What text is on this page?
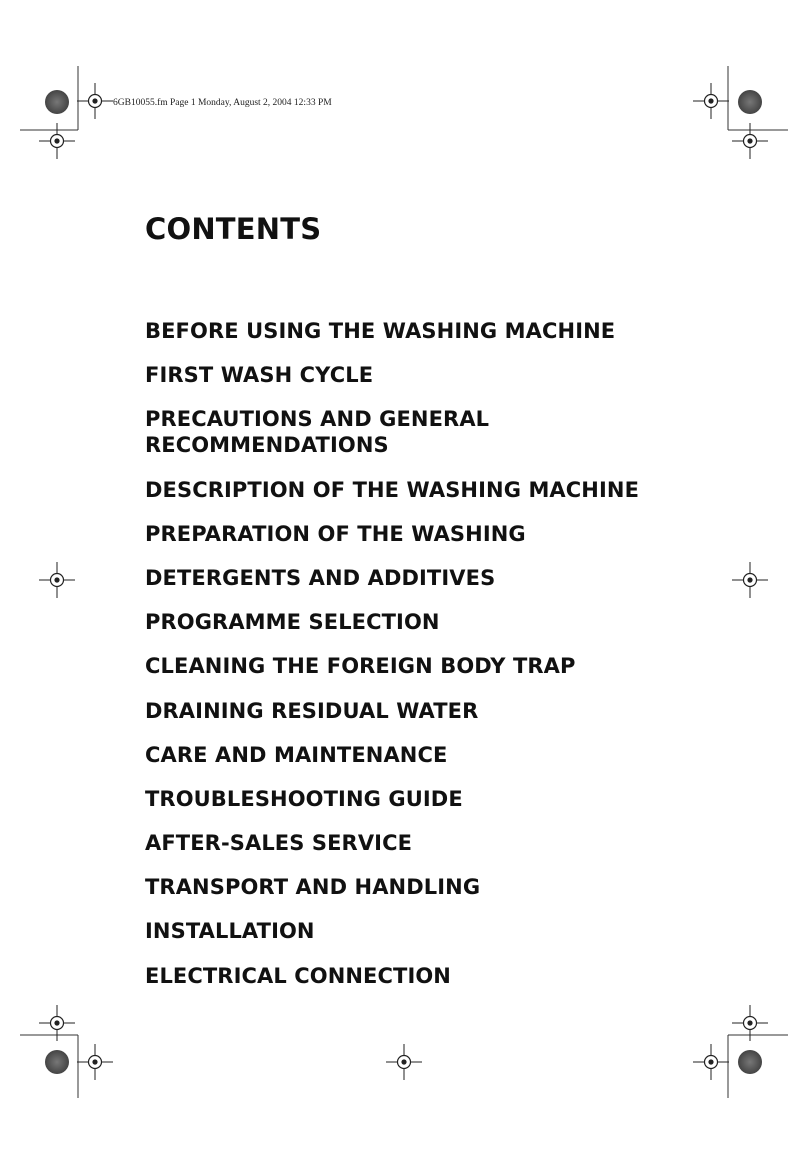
6GB10055.fm Page 1 Monday, August 2, 2004 12:33 PM
CONTENTS
BEFORE USING THE WASHING MACHINE
FIRST WASH CYCLE
PRECAUTIONS AND GENERAL RECOMMENDATIONS
DESCRIPTION OF THE WASHING MACHINE
PREPARATION OF THE WASHING
DETERGENTS AND ADDITIVES
PROGRAMME SELECTION
CLEANING THE FOREIGN BODY TRAP
DRAINING RESIDUAL WATER
CARE AND MAINTENANCE
TROUBLESHOOTING GUIDE
AFTER-SALES SERVICE
TRANSPORT AND HANDLING
INSTALLATION
ELECTRICAL CONNECTION
